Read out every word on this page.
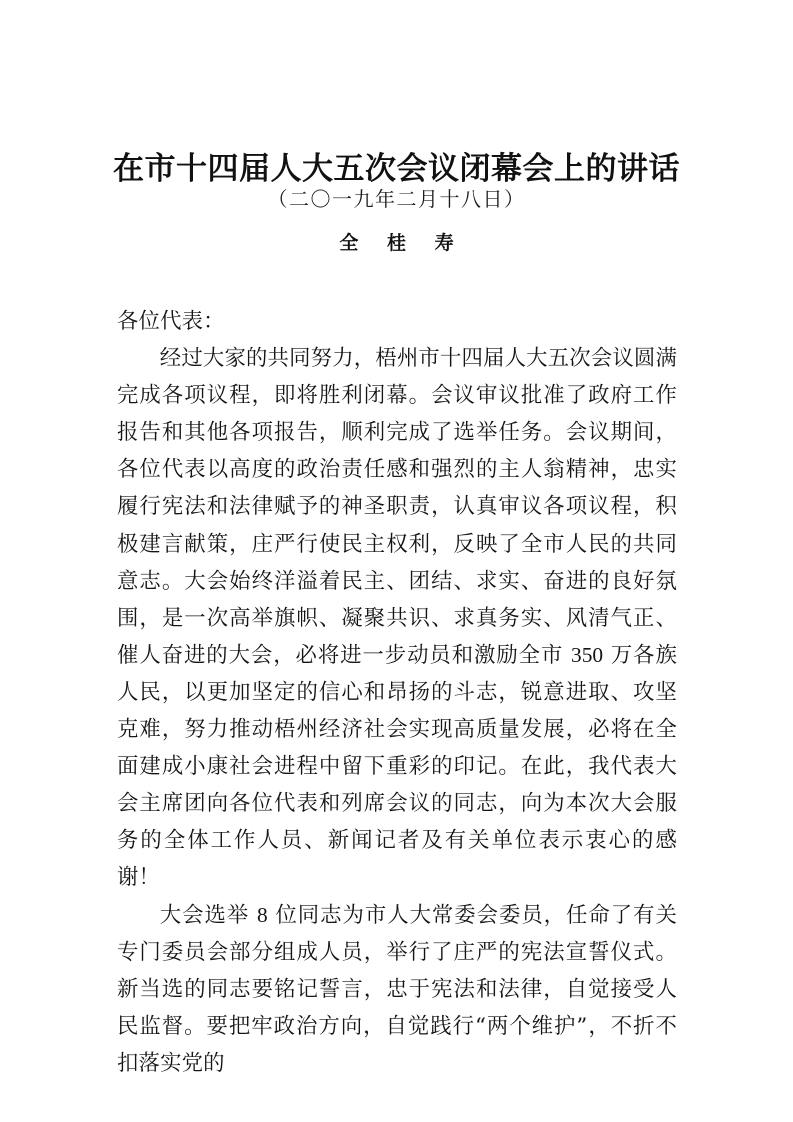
在市十四届人大五次会议闭幕会上的讲话
（二〇一九年二月十八日）
全 桂 寿

各位代表：

经过大家的共同努力，梧州市十四届人大五次会议圆满完成各项议程，即将胜利闭幕。会议审议批准了政府工作报告和其他各项报告，顺利完成了选举任务。会议期间，各位代表以高度的政治责任感和强烈的主人翁精神，忠实履行宪法和法律赋予的神圣职责，认真审议各项议程，积极建言献策，庄严行使民主权利，反映了全市人民的共同意志。大会始终洋溢着民主、团结、求实、奋进的良好氛围，是一次高举旗帜、凝聚共识、求真务实、风清气正、催人奋进的大会，必将进一步动员和激励全市 350 万各族人民，以更加坚定的信心和昂扬的斗志，锐意进取、攻坚克难，努力推动梧州经济社会实现高质量发展，必将在全面建成小康社会进程中留下重彩的印记。在此，我代表大会主席团向各位代表和列席会议的同志，向为本次大会服务的全体工作人员、新闻记者及有关单位表示衷心的感谢！

大会选举 8 位同志为市人大常委会委员，任命了有关专门委员会部分组成人员，举行了庄严的宪法宣誓仪式。新当选的同志要铭记誓言，忠于宪法和法律，自觉接受人民监督。要把牢政治方向，自觉践行“两个维护”，不折不扣落实党的
